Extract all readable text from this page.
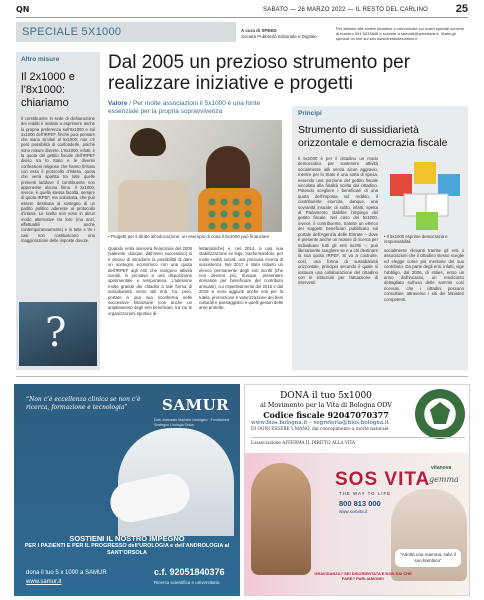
QN	SABATO — 26 MARZO 2022 — IL RESTO DEL CARLINO	25
SPECIALE 5X1000	A cura di SPEED
Società Pubblicità Editoriale e Digitale
Per attivare alle nostre iniziative e comunicare sui nostri speciali scrivete al numero 051 6033848 o scrivete a speciali@speedadv.it. Visita gli speciali on line sul sito www.ilrestodelcarlino.it
Altro misure
Il 2x1000 e l’8x1000: chiariamo
Il contribuente in sede di dichiarazione dei redditi è invitato a esprimere anche la propria preferenza sull’8x1000 e sul 2x1000 dell’IRPEF, finché puoi pensare che siano similari al 5x1000; non c’è però possibilità di confonderle, poiché sono misure diverse. L’8x1000, infatti, è la quota del gettito fiscale dell’IRPEF diviso tra lo Stato e le diverse confessioni religiose che hanno firmato con esso il protocollo d’intesa, quota che verrà spartita tra tutte quelle presenti laddove il contribuente non apponesse alcuna firma. Il 2x1000, invece, è quella stessa facoltà, sempre di quota IRPEF, ma volontaria, che può essere destinata al sostegno di un partito politico aderente al protocollo d’intesa. Le scelte non sono in alcun modo alternative tra loro (ma anzi, effettuabili anche contemporaneamente) e in tutte e tre i casi non costituiscono una maggiorazione delle imposte dovute.
?
Dal 2005 un prezioso strumento per realizzare iniziative e progetti
Valore / Per molte associazioni il 5x1000 è una fonte essenziale per la propria sopravvivenza
• Progetti per il diritto all’educazione: un esempio di cosa il 5x1000 può finanziare
Quando nella manovra finanziaria del 2005 (valevole, dunque, dall’anno successivo) si è deciso di introdurre la possibilità di dare un sostegno economico con una quota dell’IRPEF agli enti che svolgono attività sociali, si pensava a una disposizione sperimentale e temporanea. L’adesione molto grande dei cittadini a tale forma di sussidiarietà verso tali enti, ha, però, portato a una sua riconferma nelle successive finanziarie (con anche un ampliamento degli enti beneficiari, tra cui le organizzazioni sportive di-
lettantistiche) e, nel 2014, a una sua stabilizzazione ex lege, trasformandolo, per molte realtà sociali, una preziosa risorsa di sussistenza. Nel 2017 è stato istituito un elenco permanente degli enti iscritti (che non devono più, dunque, presentare domande per beneficiare del contributo annuale), cui rispettivamente del 2016 e dal 2019 si sono aggiunti anche enti per la tutela, promozione e valorizzazione dei beni culturali e paesaggistici e quelli gestori delle aree protette.
Principi
Strumento di sussidiarietà orizzontale e democrazia fiscale
Il 5x1000 è per il cittadino un modo democratico per sostenere attività socialmente utili senza alcun aggravio, mentre per lo Stato è una sorta di spesa, essendo una porzione del gettito fiscale vincolata alla finalità scelta dal cittadino. Potendo scegliere i beneficiari di una quota dell’imposta sul reddito, il contribuente esercita, dunque, una sovranità insuale; di solito, infatti, spetta al Parlamento stabilire l’impiego del gettito fiscale. Nel caso del 5x1000, invece, il contribuente, tramite un elenco dei soggetti beneficiari pubblicato sul portale dell’Agenzia delle Entrate – dove è presente anche un motore di ricerca per individuare tutti gli enti iscritti –, può liberamente scegliere se e a chi destinare la sua quota IRPEF. Si va a costruire, così, una forma di sussidiarietà orizzontale, principio secondo il quale si instaura una collaborazione del cittadino con le istituzioni per l’attuazione di interventi
• Il 5x1000 esprime democrazia e responsabilità
socialmente rilevanti tramite gli enti o associazioni che il cittadino stesso sceglie ed elegge come più meritorie del suo contributo. Da parte degli enti, infatti, vige l’obbligo, dal 2006, di stilare, entro un anno dall’incasso, un rendiconto dettagliato sull’uso delle somme così ricevute, che i cittadini possono consultare attraverso i siti dei Ministeri competenti.
“Non c’è eccellenza clinica se non c’è ricerca, formazione e tecnologia”	SAMUR
Dott. Avanzato Maestro Urologico · Fondazione Sostegno Urologia Onlus
SOSTIENI IL NOSTRO IMPEGNO
PER I PAZIENTI E PER IL PROGRESSO dell’UROLOGIA e dell’ANDROLOGIA al SANT’ORSOLA
dona il tuo 5 x 1000 a SAMUR
www.samur.it
c.f. 92051840376
Ricerca scientifica e universitaria
DONA il tuo 5x1000
al Movimento per la Vita di Bologna ODV
Codice fiscale 92047070377
www.bios.bologna.it – segreteria@bios.bologna.it
DI OGNI ESSERE UMANO, dal concepimento a morte naturale
L’associazione AFFERMA IL DIRITTO ALLA VITA
SOS VITA
THE WAY TO LIFE
800 813 000
www.sosvita.it
vitanova
gemma
“Adotta una mamma, salvi il suo bambino”
GRAVIDANZA? SEI DISORIENTATA E NON SAI CHE FARE? PARLIAMONE!
